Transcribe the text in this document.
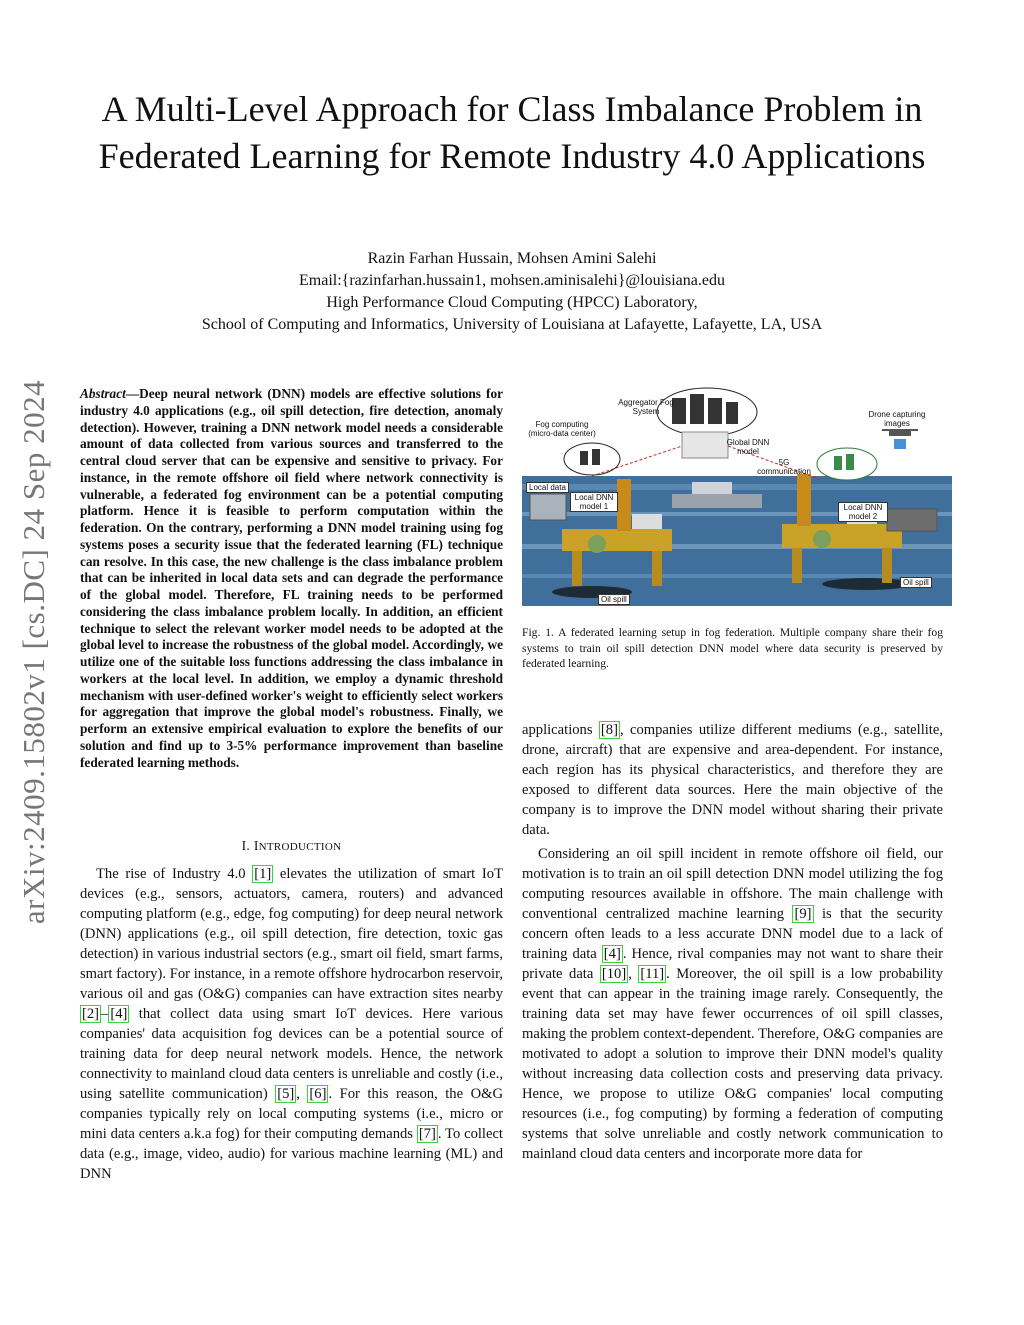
A Multi-Level Approach for Class Imbalance Problem in Federated Learning for Remote Industry 4.0 Applications
Razin Farhan Hussain, Mohsen Amini Salehi
Email:{razinfarhan.hussain1, mohsen.aminisalehi}@louisiana.edu
High Performance Cloud Computing (HPCC) Laboratory,
School of Computing and Informatics, University of Louisiana at Lafayette, Lafayette, LA, USA
arXiv:2409.15802v1 [cs.DC] 24 Sep 2024 Abstract—Deep neural network (DNN) models are effective solutions for industry 4.0 applications (e.g., oil spill detection, fire detection, anomaly detection). However, training a DNN network model needs a considerable amount of data collected from various sources and transferred to the central cloud server that can be expensive and sensitive to privacy. For instance, in the remote offshore oil field where network connectivity is vulnerable, a federated fog environment can be a potential computing platform. Hence it is feasible to perform computation within the federation. On the contrary, performing a DNN model training using fog systems poses a security issue that the federated learning (FL) technique can resolve. In this case, the new challenge is the class imbalance problem that can be inherited in local data sets and can degrade the performance of the global model. Therefore, FL training needs to be performed considering the class imbalance problem locally. In addition, an efficient technique to select the relevant worker model needs to be adopted at the global level to increase the robustness of the global model. Accordingly, we utilize one of the suitable loss functions addressing the class imbalance in workers at the local level. In addition, we employ a dynamic threshold mechanism with user-defined worker's weight to efficiently select workers for aggregation that improve the global model's robustness. Finally, we perform an extensive empirical evaluation to explore the benefits of our solution and find up to 3-5% performance improvement than baseline federated learning methods.
I. INTRODUCTION

The rise of Industry 4.0 [1] elevates the utilization of smart IoT devices (e.g., sensors, actuators, camera, routers) and advanced computing platform (e.g., edge, fog computing) for deep neural network (DNN) applications (e.g., oil spill detection, fire detection, toxic gas detection) in various industrial sectors (e.g., smart oil field, smart farms, smart factory). For instance, in a remote offshore hydrocarbon reservoir, various oil and gas (O&G) companies can have extraction sites nearby [2] – [4] that collect data using smart IoT devices. Here various companies' data acquisition fog devices can be a potential source of training data for deep neural network models. Hence, the network connectivity to mainland cloud data centers is unreliable and costly (i.e., using satellite communication) [5] , [6] . For this reason, the O&G companies typically rely on local computing systems (i.e., micro or mini data centers a.k.a fog) for their computing demands [7] . To collect data (e.g., image, video, audio) for various machine learning (ML) and DNN

Aggregator Fog System
Fog computing (micro-data center)
Global DNN model
5G communication
Drone capturing images
Local data
Local DNN model 1	Local DNN model 2
Oil spill
Oil spill
Fig. 1. A federated learning setup in fog federation. Multiple company share their fog systems to train oil spill detection DNN model where data security is preserved by federated learning.

applications [8] , companies utilize different mediums (e.g., satellite, drone, aircraft) that are expensive and area-dependent. For instance, each region has its physical characteristics, and therefore they are exposed to different data sources. Here the main objective of the company is to improve the DNN model without sharing their private data.

Considering an oil spill incident in remote offshore oil field, our motivation is to train an oil spill detection DNN model utilizing the fog computing resources available in offshore. The main challenge with conventional centralized machine learning [9] is that the security concern often leads to a less accurate DNN model due to a lack of training data [4] . Hence, rival companies may not want to share their private data [10] , [11] . Moreover, the oil spill is a low probability event that can appear in the training image rarely. Consequently, the training data set may have fewer occurrences of oil spill classes, making the problem context-dependent. Therefore, O&G companies are motivated to adopt a solution to improve their DNN model's quality without increasing data collection costs and preserving data privacy. Hence, we propose to utilize O&G companies' local computing resources (i.e., fog computing) by forming a federation of computing systems that solve unreliable and costly network communication to mainland cloud data centers and incorporate more data for
